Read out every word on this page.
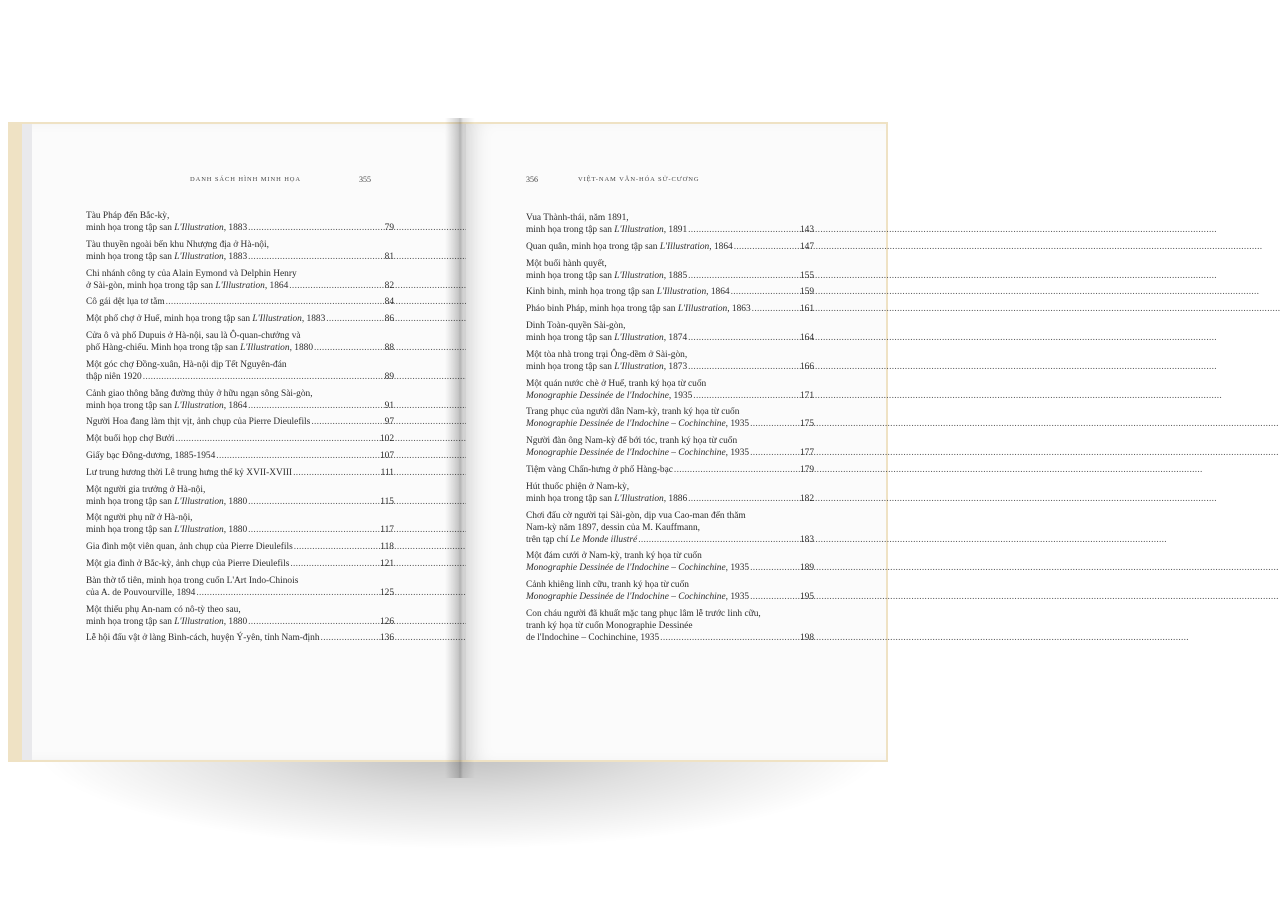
DANH SÁCH HÌNH MINH HỌA	355
Tàu Pháp đến Bắc-kỳ,
minh họa trong tập san L'Illustration, 1883 .....	79
Tàu thuyền ngoài bến khu Nhượng địa ở Hà-nội,
minh họa trong tập san L'Illustration, 1883 .....	81
Chi nhánh công ty của Alain Eymond và Delphin Henry
ở Sài-gòn, minh họa trong tập san L'Illustration, 1864 .....	82
Cô gái dệt lụa tơ tằm .....	84
Một phố chợ ở Huế, minh họa trong tập san L'Illustration, 1883 .....	86
Cửa ô và phố Dupuis ở Hà-nội, sau là Ô-quan-chưởng và
phố Hàng-chiếu. Minh họa trong tập san L'Illustration, 1880 .....	88
Một góc chợ Đồng-xuân, Hà-nội dịp Tết Nguyên-đán
thập niên 1920 .....	89
Cảnh giao thông bằng đường thủy ở hữu ngạn sông Sài-gòn,
minh họa trong tập san L'Illustration, 1864 .....	91
Người Hoa đang làm thịt vịt, ảnh chụp của Pierre Dieulefils .....	97
Một buổi họp chợ Bưởi .....	102
Giấy bạc Đông-dương, 1885-1954 .....	107
Lư trung hương thời Lê trung hưng thế kỷ XVII-XVIII .....	111
Một người gia trưởng ở Hà-nội,
minh họa trong tập san L'Illustration, 1880 .....	115
Một người phụ nữ ở Hà-nội,
minh họa trong tập san L'Illustration, 1880 .....	117
Gia đình một viên quan, ảnh chụp của Pierre Dieulefils .....	118
Một gia đình ở Bắc-kỳ, ảnh chụp của Pierre Dieulefils .....	121
Bàn thờ tổ tiên, minh họa trong cuốn L'Art Indo-Chinois
của A. de Pouvourville, 1894 .....	125
Một thiếu phụ An-nam có nô-tỳ theo sau,
minh họa trong tập san L'Illustration, 1880 .....	126
Lễ hội đấu vật ở làng Bình-cách, huyện Ý-yên, tỉnh Nam-định .....	136
356	VIỆT-NAM VĂN-HÓA SỬ-CƯƠNG
Vua Thành-thái, năm 1891,
minh họa trong tập san L'Illustration, 1891 .....	143
Quan quân, minh họa trong tập san L'Illustration, 1864 .....	147
Một buổi hành quyết,
minh họa trong tập san L'Illustration, 1885 .....	155
Kinh binh, minh họa trong tập san L'Illustration, 1864 .....	159
Pháo binh Pháp, minh họa trong tập san L'Illustration, 1863 .....	161
Dinh Toàn-quyền Sài-gòn,
minh họa trong tập san L'Illustration, 1874 .....	164
Một tòa nhà trong trại Ông-dềm ở Sài-gòn,
minh họa trong tập san L'Illustration, 1873 .....	166
Một quán nước chè ở Huế, tranh ký họa từ cuốn
Monographie Dessinée de l'Indochine, 1935 .....	171
Trang phục của người dân Nam-kỳ, tranh ký họa từ cuốn
Monographie Dessinée de l'Indochine – Cochinchine, 1935 .....	175
Người đàn ông Nam-kỳ để bới tóc, tranh ký họa từ cuốn
Monographie Dessinée de l'Indochine – Cochinchine, 1935 .....	177
Tiệm vàng Chấn-hưng ở phố Hàng-bạc .....	179
Hút thuốc phiện ở Nam-kỳ,
minh họa trong tập san L'Illustration, 1886 .....	182
Chơi đấu cờ người tại Sài-gòn, dịp vua Cao-man đến thăm
Nam-kỳ năm 1897, dessin của M. Kauffmann,
trên tạp chí Le Monde illustré .....	183
Một đám cưới ở Nam-kỳ, tranh ký họa từ cuốn
Monographie Dessinée de l'Indochine – Cochinchine, 1935 .....	189
Cảnh khiêng linh cữu, tranh ký họa từ cuốn
Monographie Dessinée de l'Indochine – Cochinchine, 1935 .....	195
Con cháu người đã khuất mặc tang phục lâm lễ trước linh cữu,
tranh ký họa từ cuốn Monographie Dessinée
de l'Indochine – Cochinchine, 1935 .....	198
